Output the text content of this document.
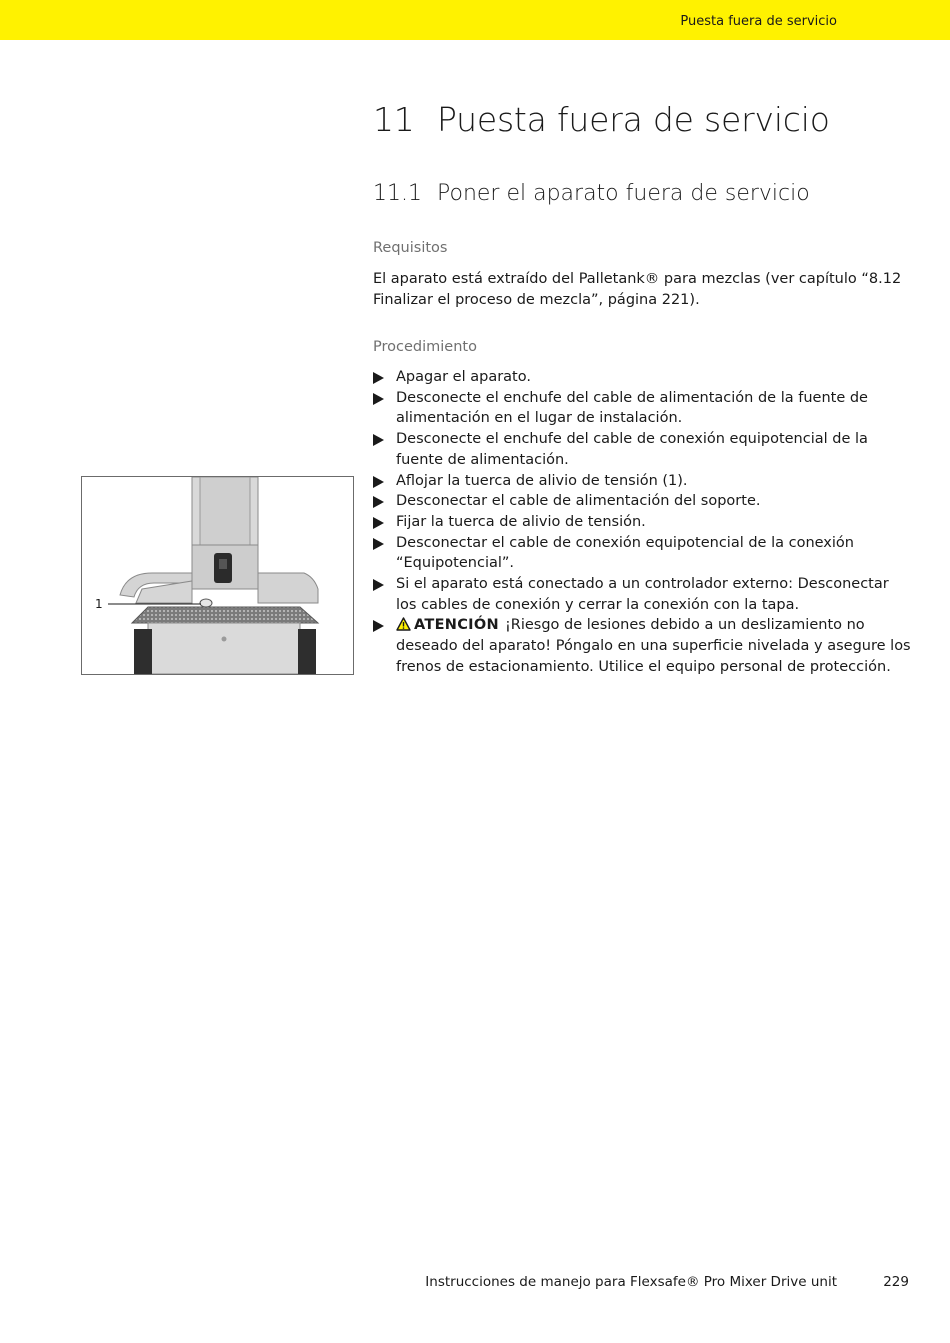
Puesta fuera de servicio
11 Puesta fuera de servicio
11.1 Poner el aparato fuera de servicio
Requisitos
El aparato está extraído del Palletank® para mezclas (ver capítulo “8.12 Finalizar el proceso de mezcla”, página 221).
Procedimiento
Apagar el aparato.
Desconecte el enchufe del cable de alimentación de la fuente de alimentación en el lugar de instalación.
Desconecte el enchufe del cable de conexión equipotencial de la fuente de alimentación.
Aflojar la tuerca de alivio de tensión (1).
Desconectar el cable de alimentación del soporte.
Fijar la tuerca de alivio de tensión.
Desconectar el cable de conexión equipotencial de la conexión “Equipotencial”.
Si el aparato está conectado a un controlador externo: Desconectar los cables de conexión y cerrar la conexión con la tapa.
ATENCIÓN ¡Riesgo de lesiones debido a un deslizamiento no deseado del aparato! Póngalo en una superficie nivelada y asegure los frenos de estacionamiento. Utilice el equipo personal de protección.
1
Instrucciones de manejo para Flexsafe® Pro Mixer Drive unit	229
